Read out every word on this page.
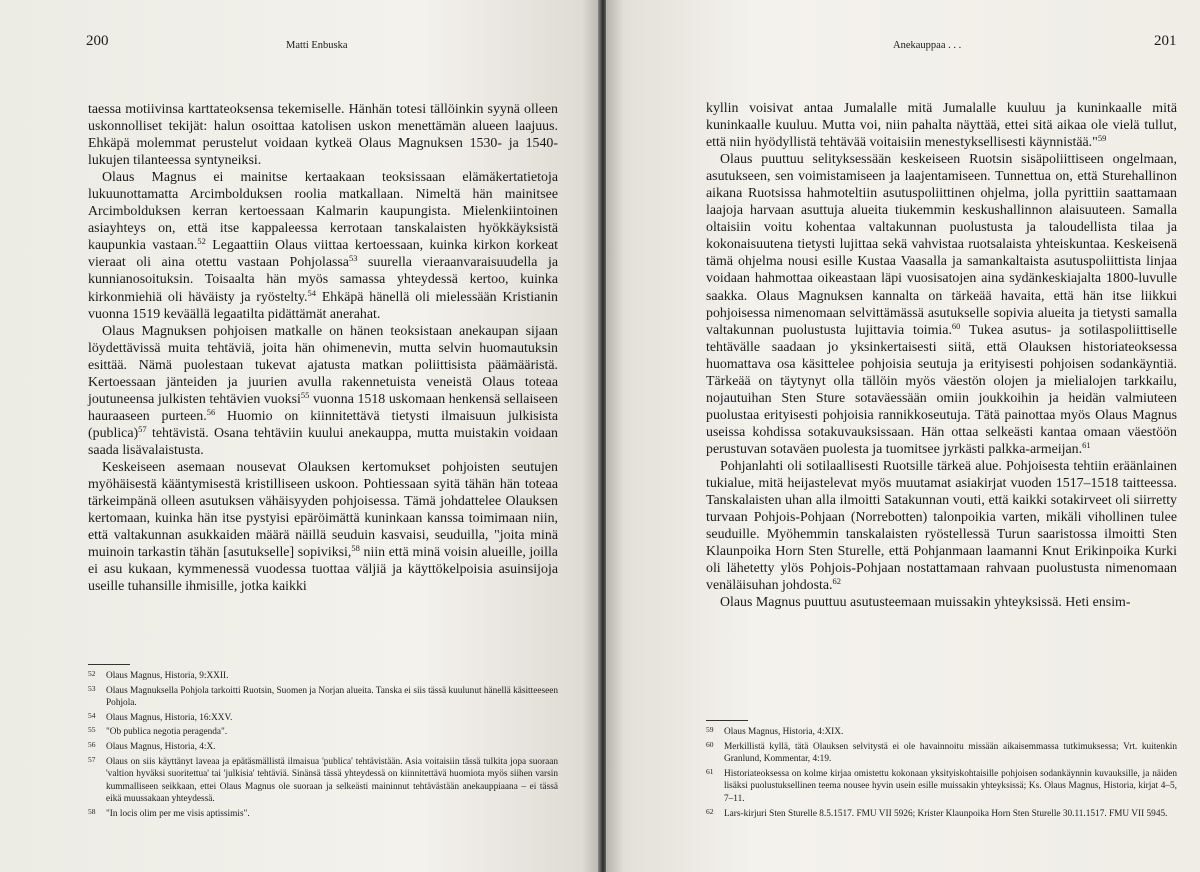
200	Matti Enbuska

taessa motiivinsa karttateoksensa tekemiselle. Hänhän totesi tällöinkin syynä olleen uskonnolliset tekijät: halun osoittaa katolisen uskon menettämän alueen laajuus. Ehkäpä molemmat perustelut voidaan kytkeä Olaus Magnuksen 1530- ja 1540-lukujen tilanteessa syntyneiksi.

Olaus Magnus ei mainitse kertaakaan teoksissaan elämäkertatietoja lukuunottamatta Arcimbolduksen roolia matkallaan. Nimeltä hän mainitsee Arcimbolduksen kerran kertoessaan Kalmarin kaupungista. Mielenkiintoinen asiayhteys on, että itse kappaleessa kerrotaan tanskalaisten hyökkäyksistä kaupunkia vastaan.$^{52}$ Legaattiin Olaus viittaa kertoessaan, kuinka kirkon korkeat vieraat oli aina otettu vastaan Pohjolassa$^{53}$ suurella vieraanvaraisuudella ja kunnianosoituksin. Toisaalta hän myös samassa yhteydessä kertoo, kuinka kirkonmiehiä oli häväisty ja ryöstelty.$^{54}$ Ehkäpä hänellä oli mielessään Kristianin vuonna 1519 keväällä legaatilta pidättämät anerahat.

Olaus Magnuksen pohjoisen matkalle on hänen teoksistaan anekaupan sijaan löydettävissä muita tehtäviä, joita hän ohimenevin, mutta selvin huomautuksin esittää. Nämä puolestaan tukevat ajatusta matkan poliittisista päämääristä. Kertoessaan jänteiden ja juurien avulla rakennetuista veneistä Olaus toteaa joutuneensa julkisten tehtävien vuoksi$^{55}$ vuonna 1518 uskomaan henkensä sellaiseen hauraaseen purteen.$^{56}$ Huomio on kiinnitettävä tietysti ilmaisuun julkisista (publica)$^{57}$ tehtävistä. Osana tehtäviin kuului anekauppa, mutta muistakin voidaan saada lisävalaistusta.

Keskeiseen asemaan nousevat Olauksen kertomukset pohjoisten seutujen myöhäisestä kääntymisestä kristilliseen uskoon. Pohtiessaan syitä tähän hän toteaa tärkeimpänä olleen asutuksen vähäisyyden pohjoisessa. Tämä johdattelee Olauksen kertomaan, kuinka hän itse pystyisi epäröimättä kuninkaan kanssa toimimaan niin, että valtakunnan asukkaiden määrä näillä seuduin kasvaisi, seuduilla, "joita minä muinoin tarkastin tähän [asutukselle] sopiviksi,$^{58}$ niin että minä voisin alueille, joilla ei asu kukaan, kymmenessä vuodessa tuottaa väljiä ja käyttökelpoisia asuinsijoja useille tuhansille ihmisille, jotka kaikki

52 Olaus Magnus, Historia, 9:XXII.
53 Olaus Magnuksella Pohjola tarkoitti Ruotsin, Suomen ja Norjan alueita. Tanska ei siis tässä kuulunut hänellä käsitteeseen Pohjola.
54 Olaus Magnus, Historia, 16:XXV.
55 "Ob publica negotia peragenda".
56 Olaus Magnus, Historia, 4:X.
57 Olaus on siis käyttänyt laveaa ja epätäsmällistä ilmaisua 'publica' tehtävistään. Asia voitaisiin tässä tulkita jopa suoraan 'valtion hyväksi suoritettua' tai 'julkisia' tehtäviä. Sinänsä tässä yhteydessä on kiinnitettävä huomiota myös siihen varsin kummalliseen seikkaan, ettei Olaus Magnus ole suoraan ja selkeästi maininnut tehtävästään anekauppiaana – ei tässä eikä muussakaan yhteydessä.
58 "In locis olim per me visis aptissimis".
Anekauppaa . . .	201

kyllin voisivat antaa Jumalalle mitä Jumalalle kuuluu ja kuninkaalle mitä kuninkaalle kuuluu. Mutta voi, niin pahalta näyttää, ettei sitä aikaa ole vielä tullut, että niin hyödyllistä tehtävää voitaisiin menestyksellisesti käynnistää."$^{59}$

Olaus puuttuu selityksessään keskeiseen Ruotsin sisäpoliittiseen ongelmaan, asutukseen, sen voimistamiseen ja laajentamiseen. Tunnettua on, että Sturehallinon aikana Ruotsissa hahmoteltiin asutuspoliittinen ohjelma, jolla pyrittiin saattamaan laajoja harvaan asuttuja alueita tiukemmin keskushallinnon alaisuuteen. Samalla oltaisiin voitu kohentaa valtakunnan puolustusta ja taloudellista tilaa ja kokonaisuutena tietysti lujittaa sekä vahvistaa ruotsalaista yhteiskuntaa. Keskeisenä tämä ohjelma nousi esille Kustaa Vaasalla ja samankaltaista asutuspoliittista linjaa voidaan hahmottaa oikeastaan läpi vuosisatojen aina sydänkeskiajalta 1800-luvulle saakka. Olaus Magnuksen kannalta on tärkeää havaita, että hän itse liikkui pohjoisessa nimenomaan selvittämässä asutukselle sopivia alueita ja tietysti samalla valtakunnan puolustusta lujittavia toimia.$^{60}$ Tukea asutus- ja sotilaspoliittiselle tehtävälle saadaan jo yksinkertaisesti siitä, että Olauksen historiateoksessa huomattava osa käsittelee pohjoisia seutuja ja erityisesti pohjoisen sodankäyntiä. Tärkeää on täytynyt olla tällöin myös väestön olojen ja mielialojen tarkkailu, nojautuihan Sten Sture sotaväessään omiin joukkoihin ja heidän valmiuteen puolustaa erityisesti pohjoisia rannikkoseutuja. Tätä painottaa myös Olaus Magnus useissa kohdissa sotakuvauksissaan. Hän ottaa selkeästi kantaa omaan väestöön perustuvan sotaväen puolesta ja tuomitsee jyrkästi palkka-armeijan.$^{61}$

Pohjanlahti oli sotilaallisesti Ruotsille tärkeä alue. Pohjoisesta tehtiin eräänlainen tukialue, mitä heijastelevat myös muutamat asiakirjat vuoden 1517–1518 taitteessa. Tanskalaisten uhan alla ilmoitti Satakunnan vouti, että kaikki sotakirveet oli siirretty turvaan Pohjois-Pohjaan (Norrebotten) talonpoikia varten, mikäli vihollinen tulee seuduille. Myöhemmin tanskalaisten ryöstellessä Turun saaristossa ilmoitti Sten Klaunpoika Horn Sten Sturelle, että Pohjanmaan laamanni Knut Erikinpoika Kurki oli lähetetty ylös Pohjois-Pohjaan nostattamaan rahvaan puolustusta nimenomaan venäläisuhan johdosta.$^{62}$

Olaus Magnus puuttuu asutusteemaan muissakin yhteyksissä. Heti ensim-

59 Olaus Magnus, Historia, 4:XIX.
60 Merkillistä kyllä, tätä Olauksen selvitystä ei ole havainnoitu missään aikaisemmassa tutkimuksessa; Vrt. kuitenkin Granlund, Kommentar, 4:19.
61 Historiateoksessa on kolme kirjaa omistettu kokonaan yksityiskohtaisille pohjoisen sodankäynnin kuvauksille, ja näiden lisäksi puolustuksellinen teema nousee hyvin usein esille muissakin yhteyksissä; Ks. Olaus Magnus, Historia, kirjat 4–5, 7–11.
62 Lars-kirjuri Sten Sturelle 8.5.1517. FMU VII 5926; Krister Klaunpoika Horn Sten Sturelle 30.11.1517. FMU VII 5945.
